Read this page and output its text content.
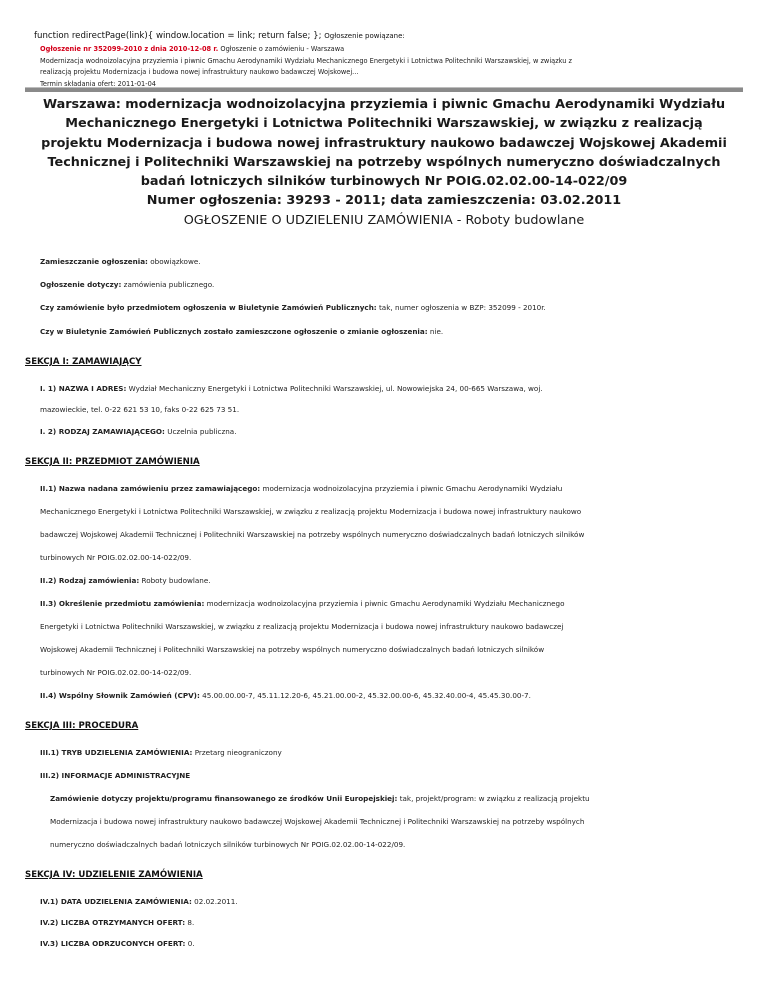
function redirectPage(link){ window.location = link; return false; }; Ogłoszenie powiązane:
Ogłoszenie nr 352099-2010 z dnia 2010-12-08 r. Ogłoszenie o zamówieniu - Warszawa
Modernizacja wodnoizolacyjna przyziemia i piwnic Gmachu Aerodynamiki Wydziału Mechanicznego Energetyki i Lotnictwa Politechniki Warszawskiej, w związku z
realizacją projektu Modernizacja i budowa nowej infrastruktury naukowo badawczej Wojskowej...
Termin składania ofert: 2011-01-04
Warszawa: modernizacja wodnoizolacyjna przyziemia i piwnic Gmachu Aerodynamiki Wydziału
Mechanicznego Energetyki i Lotnictwa Politechniki Warszawskiej, w związku z realizacją
projektu Modernizacja i budowa nowej infrastruktury naukowo badawczej Wojskowej Akademii
Technicznej i Politechniki Warszawskiej na potrzeby wspólnych numeryczno doświadczalnych
badań lotniczych silników turbinowych Nr POIG.02.02.00-14-022/09
Numer ogłoszenia: 39293 - 2011; data zamieszczenia: 03.02.2011
OGŁOSZENIE O UDZIELENIU ZAMÓWIENIA - Roboty budowlane
Zamieszczanie ogłoszenia: obowiązkowe.
Ogłoszenie dotyczy: zamówienia publicznego.
Czy zamówienie było przedmiotem ogłoszenia w Biuletynie Zamówień Publicznych: tak, numer ogłoszenia w BZP: 352099 - 2010r.
Czy w Biuletynie Zamówień Publicznych zostało zamieszczone ogłoszenie o zmianie ogłoszenia: nie.
SEKCJA I: ZAMAWIAJĄCY
I. 1) NAZWA I ADRES: Wydział Mechaniczny Energetyki i Lotnictwa Politechniki Warszawskiej, ul. Nowowiejska 24, 00-665 Warszawa, woj.
mazowieckie, tel. 0-22 621 53 10, faks 0-22 625 73 51.
I. 2) RODZAJ ZAMAWIAJĄCEGO: Uczelnia publiczna.
SEKCJA II: PRZEDMIOT ZAMÓWIENIA
II.1) Nazwa nadana zamówieniu przez zamawiającego: modernizacja wodnoizolacyjna przyziemia i piwnic Gmachu Aerodynamiki Wydziału
Mechanicznego Energetyki i Lotnictwa Politechniki Warszawskiej, w związku z realizacją projektu Modernizacja i budowa nowej infrastruktury naukowo
badawczej Wojskowej Akademii Technicznej i Politechniki Warszawskiej na potrzeby wspólnych numeryczno doświadczalnych badań lotniczych silników
turbinowych Nr POIG.02.02.00-14-022/09.
II.2) Rodzaj zamówienia: Roboty budowlane.
II.3) Określenie przedmiotu zamówienia: modernizacja wodnoizolacyjna przyziemia i piwnic Gmachu Aerodynamiki Wydziału Mechanicznego
Energetyki i Lotnictwa Politechniki Warszawskiej, w związku z realizacją projektu Modernizacja i budowa nowej infrastruktury naukowo badawczej
Wojskowej Akademii Technicznej i Politechniki Warszawskiej na potrzeby wspólnych numeryczno doświadczalnych badań lotniczych silników
turbinowych Nr POIG.02.02.00-14-022/09.
II.4) Wspólny Słownik Zamówień (CPV): 45.00.00.00-7, 45.11.12.20-6, 45.21.00.00-2, 45.32.00.00-6, 45.32.40.00-4, 45.45.30.00-7.
SEKCJA III: PROCEDURA
III.1) TRYB UDZIELENIA ZAMÓWIENIA: Przetarg nieograniczony
III.2) INFORMACJE ADMINISTRACYJNE
Zamówienie dotyczy projektu/programu finansowanego ze środków Unii Europejskiej: tak, projekt/program: w związku z realizacją projektu
Modernizacja i budowa nowej infrastruktury naukowo badawczej Wojskowej Akademii Technicznej i Politechniki Warszawskiej na potrzeby wspólnych
numeryczno doświadczalnych badań lotniczych silników turbinowych Nr POIG.02.02.00-14-022/09.
SEKCJA IV: UDZIELENIE ZAMÓWIENIA
IV.1) DATA UDZIELENIA ZAMÓWIENIA: 02.02.2011.
IV.2) LICZBA OTRZYMANYCH OFERT: 8.
IV.3) LICZBA ODRZUCONYCH OFERT: 0.
